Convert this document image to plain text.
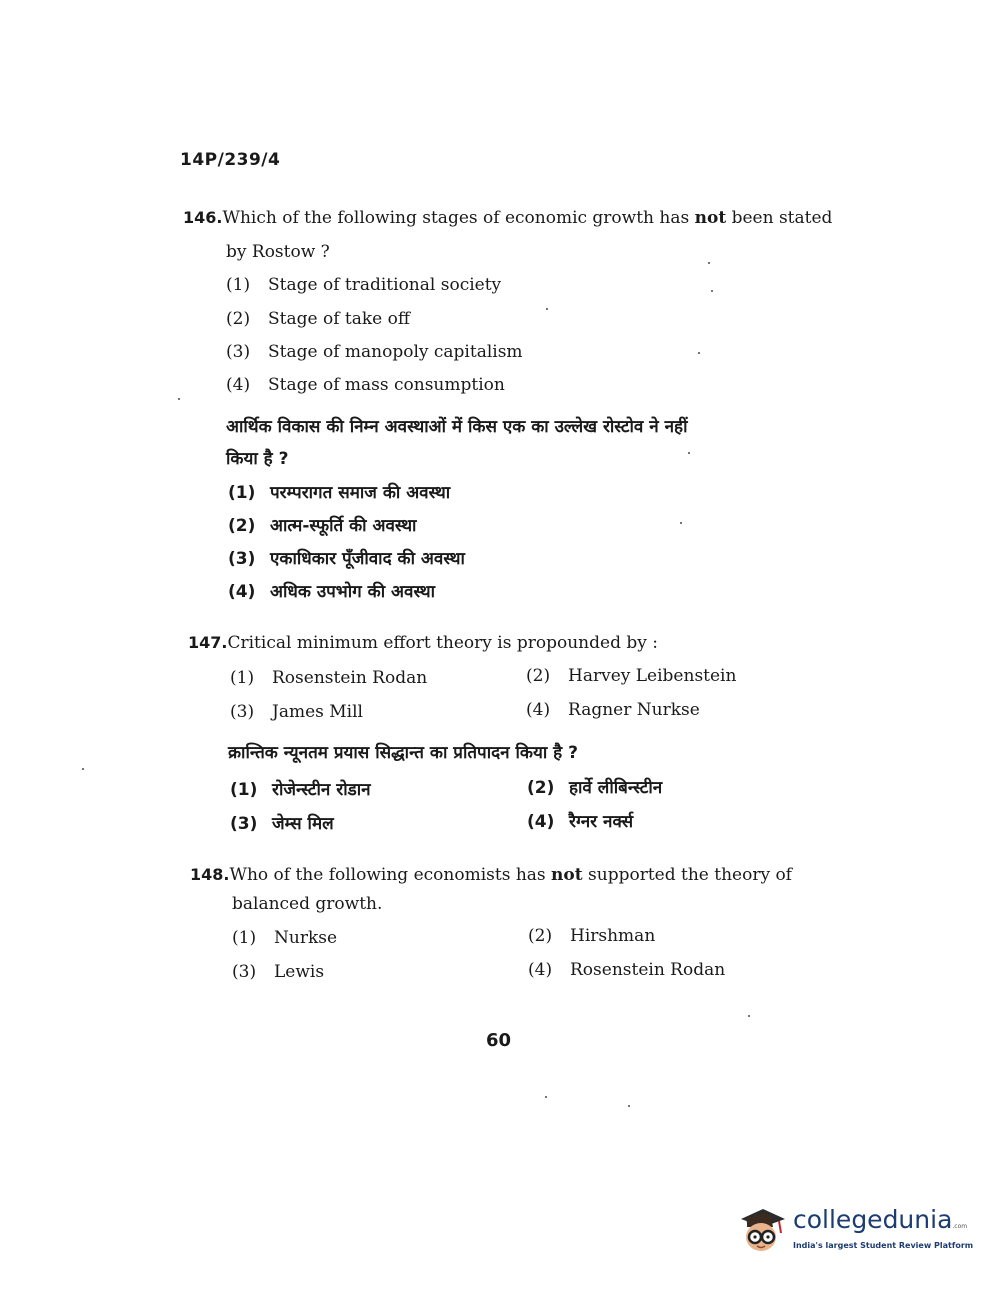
14P/239/4
146.Which of the following stages of economic growth has not been stated
by Rostow ?
(1) Stage of traditional society
(2) Stage of take off
(3) Stage of manopoly capitalism
(4) Stage of mass consumption
आर्थिक विकास की निम्न अवस्थाओं में किस एक का उल्लेख रोस्टोव ने नहीं
किया है ?
(1) परम्परागत समाज की अवस्था
(2) आत्म-स्फूर्ति की अवस्था
(3) एकाधिकार पूँजीवाद की अवस्था
(4) अधिक उपभोग की अवस्था
147.Critical minimum effort theory is propounded by :
(1) Rosenstein Rodan	(2) Harvey Leibenstein
(3) James Mill	(4) Ragner Nurkse
क्रान्तिक न्यूनतम प्रयास सिद्धान्त का प्रतिपादन किया है ?
(1) रोजेन्स्टीन रोडान	(2) हार्वे लीबिन्स्टीन
(3) जेम्स मिल	(4) रैग्नर नर्क्स
148.Who of the following economists has not supported the theory of
balanced growth.
(1) Nurkse	(2) Hirshman
(3) Lewis	(4) Rosenstein Rodan
60
collegedunia.com
India's largest Student Review Platform
